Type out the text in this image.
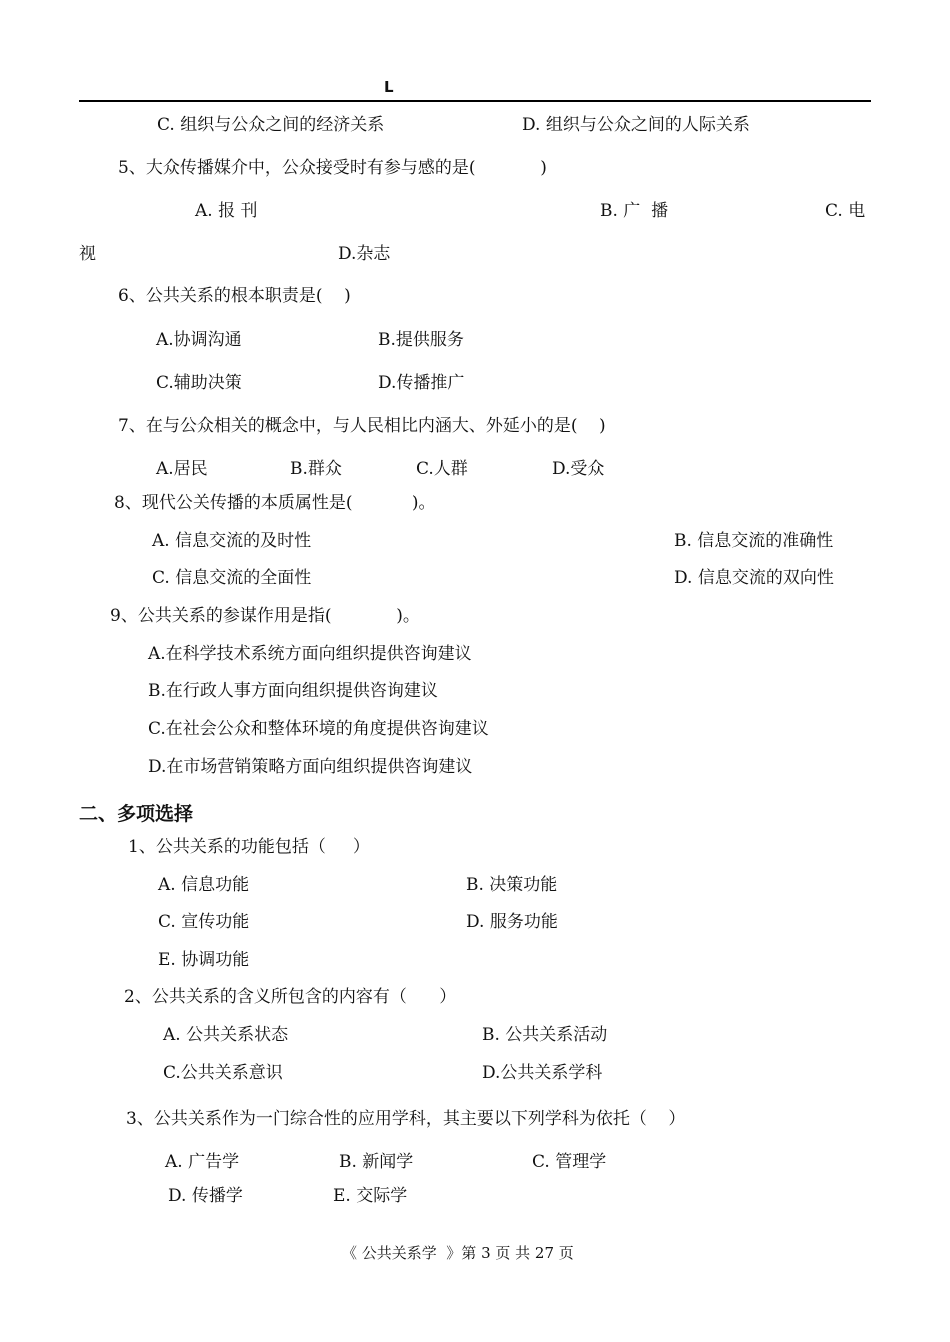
L
C. 组织与公众之间的经济关系	D. 组织与公众之间的人际关系
5、大众传播媒介中，公众接受时有参与感的是(            )
A. 报 刊	B. 广  播	C. 电
视	D.杂志
6、公共关系的根本职责是(    )
A.协调沟通	B.提供服务
C.辅助决策	D.传播推广
7、在与公众相关的概念中，与人民相比内涵大、外延小的是(    )
A.居民	B.群众	C.人群	D.受众
8、现代公关传播的本质属性是(           )。
A. 信息交流的及时性	B. 信息交流的准确性
C. 信息交流的全面性	D. 信息交流的双向性
9、公共关系的参谋作用是指(            )。
A.在科学技术系统方面向组织提供咨询建议
B.在行政人事方面向组织提供咨询建议
C.在社会公众和整体环境的角度提供咨询建议
D.在市场营销策略方面向组织提供咨询建议
二、多项选择
1、公共关系的功能包括（     ）
A. 信息功能	B. 决策功能
C. 宣传功能	D. 服务功能
E. 协调功能
2、公共关系的含义所包含的内容有（      ）
A. 公共关系状态	B. 公共关系活动
C.公共关系意识	D.公共关系学科
3、公共关系作为一门综合性的应用学科，其主要以下列学科为依托（    ）
A. 广告学	B. 新闻学	C. 管理学
D. 传播学	E. 交际学
《 公共关系学  》第 3 页 共 27 页
